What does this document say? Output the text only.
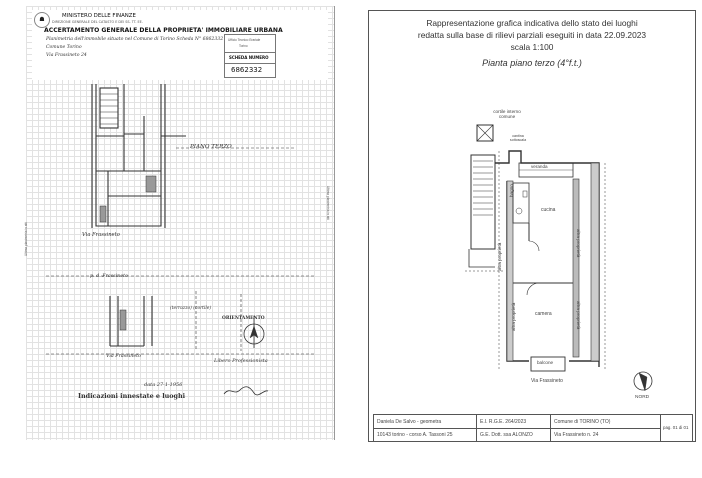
☗
MINISTERO DELLE FINANZE
DIREZIONE GENERALE DEL CATASTO E DEI SS. TT. EE.
ACCERTAMENTO GENERALE DELLA PROPRIETA' IMMOBILIARE URBANA
Planimetria dell'immobile situato nel Comune di Torino Scheda N° 6862332
Comune Torino
Via Frassineto 24
Ufficio Tecnico Erariale
Torino
SCHEDA NUMERO
6862332
PIANO TERZO
Via Frassineto
p. d. Frassineto
(terrazzo) (cortile)
ORIENTAMENTO
Via Frassineto
Libero Professionista
data 27-1-1956
Indicazioni innestate e luoghi
Ultima planimetria in atti
Ultima planimetria in atti
Rappresentazione grafica indicativa dello stato dei luoghi
redatta sulla base di rilievi parziali eseguiti in data 22.09.2023
scala 1:100
Pianta piano terzo (4°f.t.)
cortile interno comune
cantina sottoscala
veranda
bagno
cucina
camera
balcone
altra proprietà
altra proprietà
altra proprietà
altra proprietà
Via Frassineto
NORD
Daniela De Salvo - geometra
10143 torino - corso A. Tassoni 25
E.I. R.G.E. 264/2023
G.E. Dott. ssa ALONZO
Comune di TORINO (TO)
Via Frassineto n. 24
pag. 01 di 01
